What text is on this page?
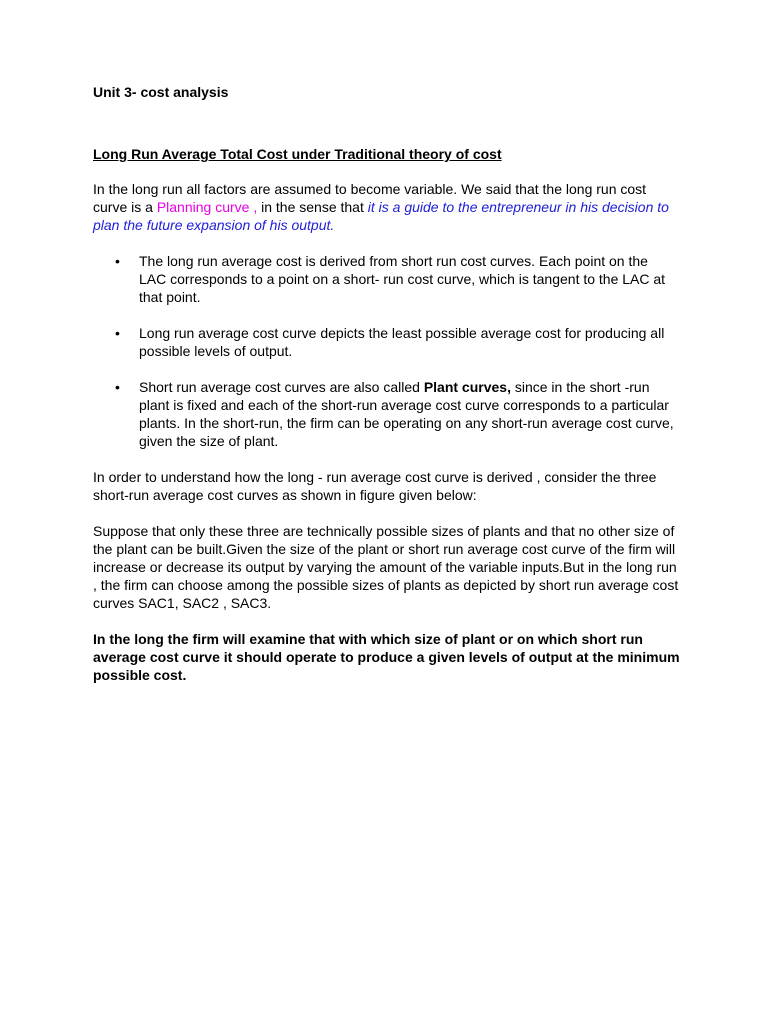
Unit 3- cost analysis

Long Run Average Total Cost under Traditional theory of cost

In the long run all factors are assumed to become variable. We said that the long run cost curve is a Planning curve , in the sense that it is a guide to the entrepreneur in his decision to plan the future expansion of his output.

• The long run average cost is derived from short run cost curves. Each point on the LAC corresponds to a point on a short- run cost curve, which is tangent to the LAC at that point.
• Long run average cost curve depicts the least possible average cost for producing all possible levels of output.
• Short run average cost curves are also called Plant curves, since in the short -run plant is fixed and each of the short-run average cost curve corresponds to a particular plants. In the short-run, the firm can be operating on any short-run average cost curve, given the size of plant.

In order to understand how the long - run average cost curve is derived , consider the three short-run average cost curves as shown in figure given below:

Suppose that only these three are technically possible sizes of plants and that no other size of the plant can be built.Given the size of the plant or short run average cost curve of the firm will increase or decrease its output by varying the amount of the variable inputs.But in the long run , the firm can choose among the possible sizes of plants as depicted by short run average cost curves SAC1, SAC2 , SAC3.

In the long the firm will examine that with which size of plant or on which short run average cost curve it should operate to produce a given levels of output at the minimum possible cost.
